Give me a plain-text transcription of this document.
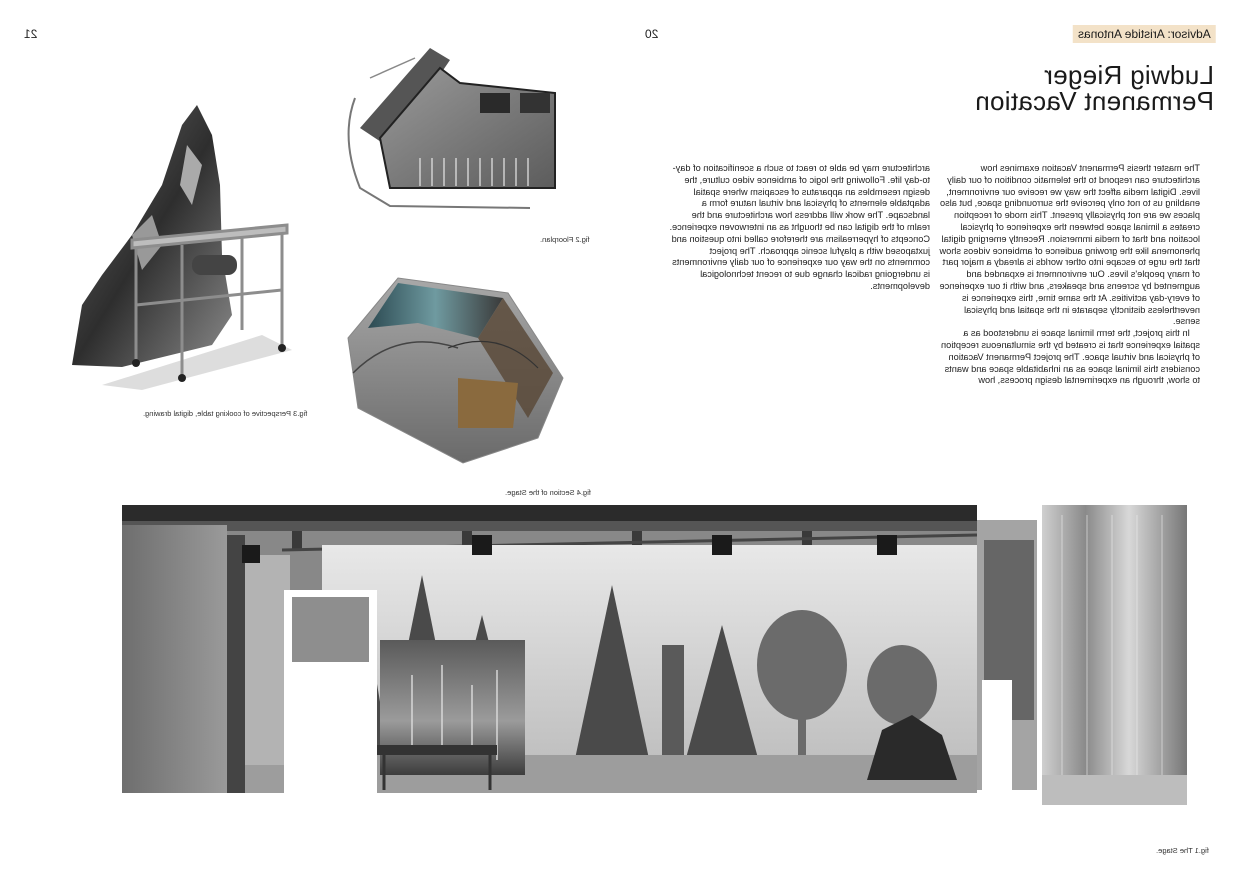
21	20	Advisor: Aristide Antonas
Ludwig Rieger
Permanent Vacation

The master thesis Permanent Vacation examines how architecture can respond to the telematic condition of our daily lives. Digital media affect the way we receive our environment, enabling us to not only perceive the surrounding space, but also places we are not physically present. This mode of reception creates a liminal space between the experience of physical location and that of media immersion. Recently emerging digital phenomena like the growing audience of ambience videos show that the urge to escape into other worlds is already a major part of many people's lives. Our environment is expanded and augmented by screens and speakers, and with it our experience of every-day activities. At the same time, this experience is nevertheless distinctly separate in the spatial and physical sense.

In this project, the term liminal space is understood as a spatial experience that is created by the simultaneous reception of physical and virtual space. The project Permanent Vacation considers this liminal space as an inhabitable space and wants to show, through an experimental design process, how

architecture may be able to react to such a scenification of day-to-day life. Following the logic of ambience video culture, the design resembles an apparatus of escapism where spatial adaptable elements of physical and virtual nature form a landscape. The work will address how architecture and the realm of the digital can be thought as an interwoven experience. Concepts of hyperrealism are therefore called into question and juxtaposed with a playful scenic approach. The project comments on the way our experience of our daily environments is undergoing radical change due to recent technological developments.

fig.2 Floorplan.
fig.3 Perspective of cooking table, digital drawing.
fig.4 Section of the Stage.
fig.1 The Stage.
